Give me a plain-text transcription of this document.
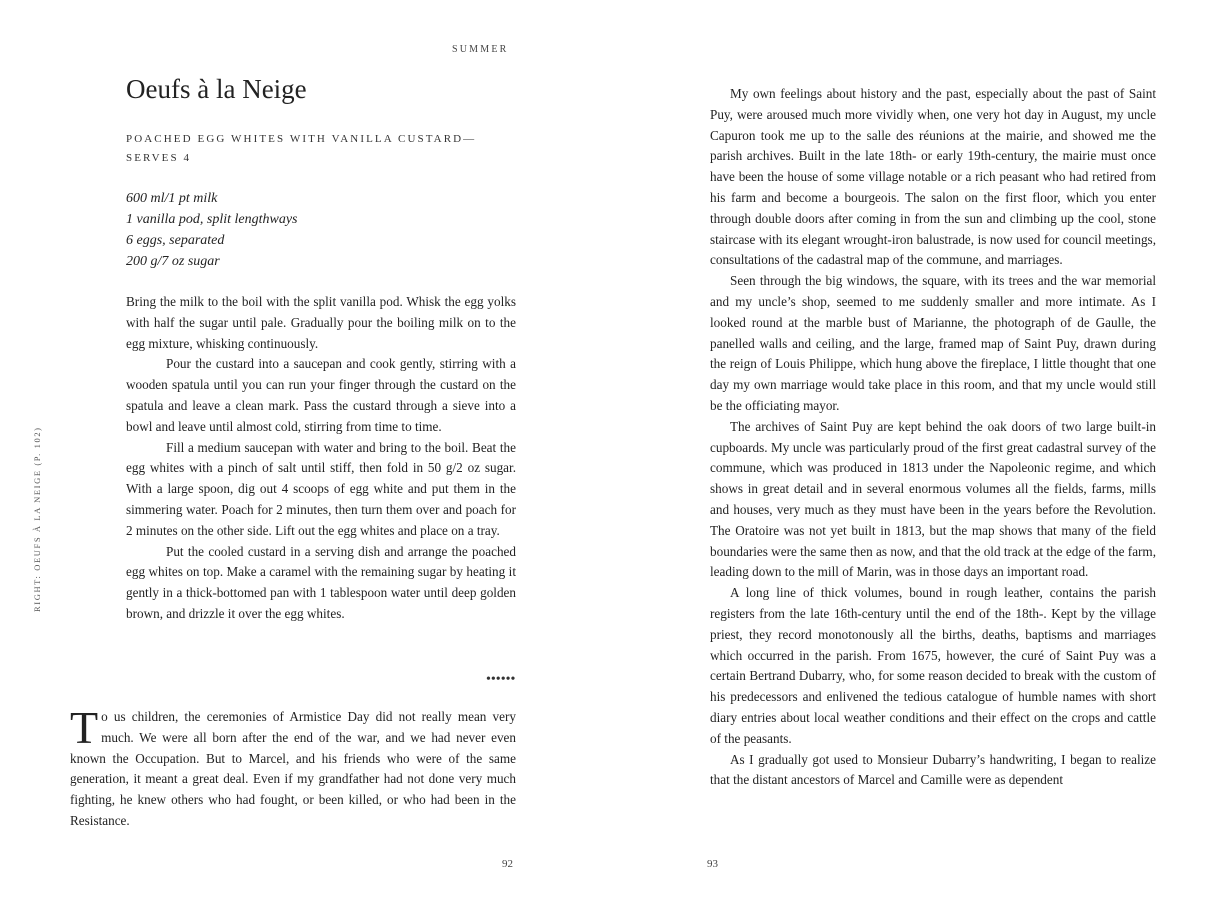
SUMMER
RIGHT: OEUFS À LA NEIGE (P. 102)
Oeufs à la Neige
POACHED EGG WHITES WITH VANILLA CUSTARD—SERVES 4
600 ml/1 pt milk
1 vanilla pod, split lengthways
6 eggs, separated
200 g/7 oz sugar

Bring the milk to the boil with the split vanilla pod. Whisk the egg yolks with half the sugar until pale. Gradually pour the boiling milk on to the egg mixture, whisking continuously.

Pour the custard into a saucepan and cook gently, stirring with a wooden spatula until you can run your finger through the custard on the spatula and leave a clean mark. Pass the custard through a sieve into a bowl and leave until almost cold, stirring from time to time.

Fill a medium saucepan with water and bring to the boil. Beat the egg whites with a pinch of salt until stiff, then fold in 50 g/2 oz sugar. With a large spoon, dig out 4 scoops of egg white and put them in the simmering water. Poach for 2 minutes, then turn them over and poach for 2 minutes on the other side. Lift out the egg whites and place on a tray.

Put the cooled custard in a serving dish and arrange the poached egg whites on top. Make a caramel with the remaining sugar by heating it gently in a thick-bottomed pan with 1 tablespoon water until deep golden brown, and drizzle it over the egg whites.

••••••
To us children, the ceremonies of Armistice Day did not really mean very much. We were all born after the end of the war, and we had never even known the Occupation. But to Marcel, and his friends who were of the same generation, it meant a great deal. Even if my grandfather had not done very much fighting, he knew others who had fought, or been killed, or who had been in the Resistance.
92

My own feelings about history and the past, especially about the past of Saint Puy, were aroused much more vividly when, one very hot day in August, my uncle Capuron took me up to the salle des réunions at the mairie, and showed me the parish archives. Built in the late 18th- or early 19th-century, the mairie must once have been the house of some village notable or a rich peasant who had retired from his farm and become a bourgeois. The salon on the first floor, which you enter through double doors after coming in from the sun and climbing up the cool, stone staircase with its elegant wrought-iron balustrade, is now used for council meetings, consultations of the cadastral map of the commune, and marriages.

Seen through the big windows, the square, with its trees and the war memorial and my uncle’s shop, seemed to me suddenly smaller and more intimate. As I looked round at the marble bust of Marianne, the photograph of de Gaulle, the panelled walls and ceiling, and the large, framed map of Saint Puy, drawn during the reign of Louis Philippe, which hung above the fireplace, I little thought that one day my own marriage would take place in this room, and that my uncle would still be the officiating mayor.

The archives of Saint Puy are kept behind the oak doors of two large built-in cupboards. My uncle was particularly proud of the first great cadastral survey of the commune, which was produced in 1813 under the Napoleonic regime, and which shows in great detail and in several enormous volumes all the fields, farms, mills and houses, very much as they must have been in the years before the Revolution. The Oratoire was not yet built in 1813, but the map shows that many of the field boundaries were the same then as now, and that the old track at the edge of the farm, leading down to the mill of Marin, was in those days an important road.

A long line of thick volumes, bound in rough leather, contains the parish registers from the late 16th-century until the end of the 18th-. Kept by the village priest, they record monotonously all the births, deaths, baptisms and marriages which occurred in the parish. From 1675, however, the curé of Saint Puy was a certain Bertrand Dubarry, who, for some reason decided to break with the custom of his predecessors and enlivened the tedious catalogue of humble names with short diary entries about local weather conditions and their effect on the crops and cattle of the peasants.

As I gradually got used to Monsieur Dubarry’s handwriting, I began to realize that the distant ancestors of Marcel and Camille were as dependent

93
